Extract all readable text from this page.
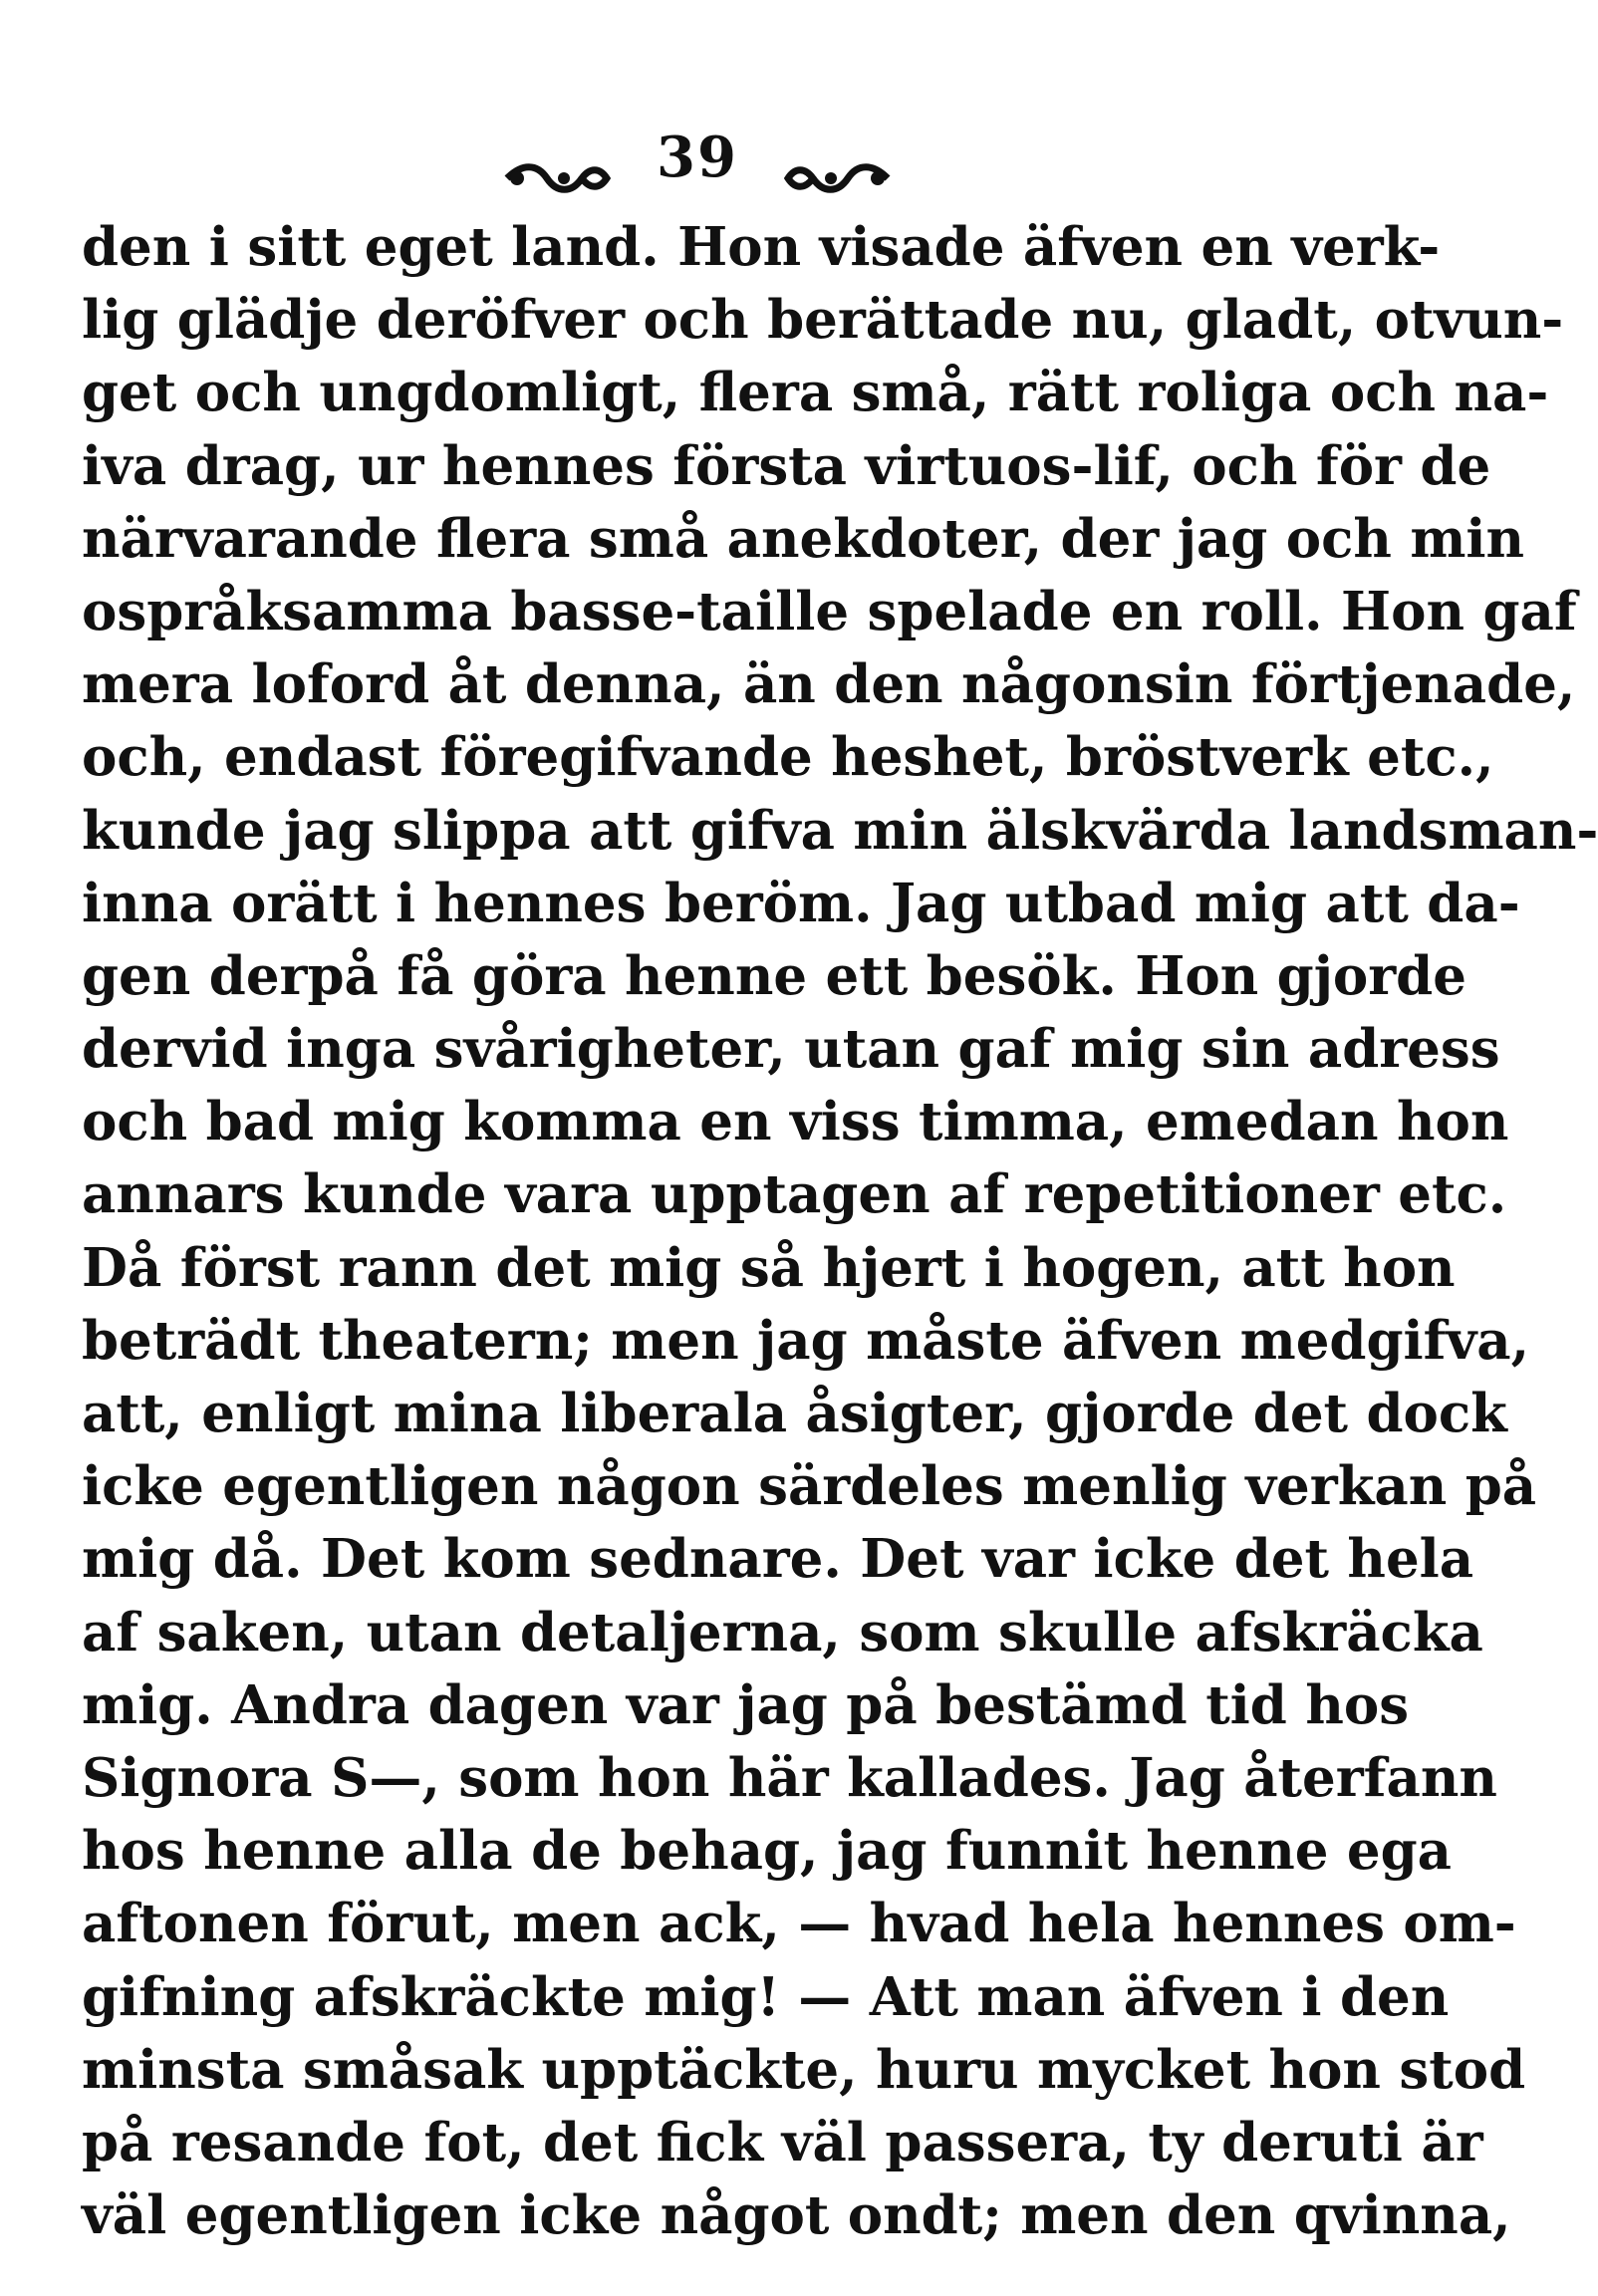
39
den i sitt eget land. Hon visade äfven en verk-
lig glädje deröfver och berättade nu, gladt, otvun-
get och ungdomligt, flera små, rätt roliga och na-
iva drag, ur hennes första virtuos-lif, och för de
närvarande flera små anekdoter, der jag och min
ospråksamma basse-taille spelade en roll. Hon gaf
mera loford åt denna, än den någonsin förtjenade,
och, endast föregifvande heshet, bröstverk etc.,
kunde jag slippa att gifva min älskvärda landsman-
inna orätt i hennes beröm. Jag utbad mig att da-
gen derpå få göra henne ett besök. Hon gjorde
dervid inga svårigheter, utan gaf mig sin adress
och bad mig komma en viss timma, emedan hon
annars kunde vara upptagen af repetitioner etc.
Då först rann det mig så hjert i hogen, att hon
beträdt theatern; men jag måste äfven medgifva,
att, enligt mina liberala åsigter, gjorde det dock
icke egentligen någon särdeles menlig verkan på
mig då. Det kom sednare. Det var icke det hela
af saken, utan detaljerna, som skulle afskräcka
mig. Andra dagen var jag på bestämd tid hos
Signora S—, som hon här kallades. Jag återfann
hos henne alla de behag, jag funnit henne ega
aftonen förut, men ack, — hvad hela hennes om-
gifning afskräckte mig! — Att man äfven i den
minsta småsak upptäckte, huru mycket hon stod
på resande fot, det fick väl passera, ty deruti är
väl egentligen icke något ondt; men den qvinna,
